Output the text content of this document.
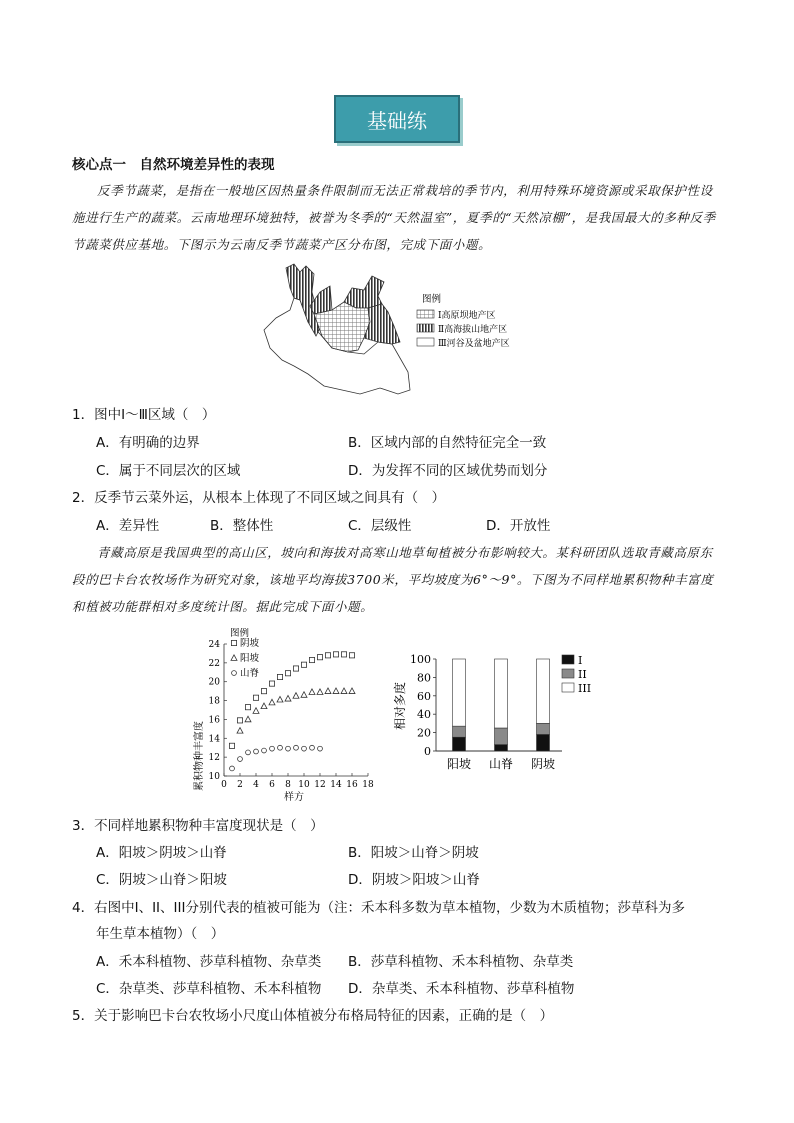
基础练
核心点一　自然环境差异性的表现
反季节蔬菜，是指在一般地区因热量条件限制而无法正常栽培的季节内，利用特殊环境资源或采取保护性设施进行生产的蔬菜。云南地理环境独特，被誉为冬季的“天然温室”，夏季的“天然凉棚”，是我国最大的多种反季节蔬菜供应基地。下图示为云南反季节蔬菜产区分布图，完成下面小题。
图例
Ⅰ高原坝地产区
Ⅱ高海拔山地产区
Ⅲ河谷及盆地产区
1．图中Ⅰ～Ⅲ区域（　）
A．有明确的边界	B．区域内部的自然特征完全一致
C．属于不同层次的区域	D．为发挥不同的区域优势而划分
2．反季节云菜外运，从根本上体现了不同区域之间具有（　）
A．差异性	B．整体性	C．层级性	D．开放性
青藏高原是我国典型的高山区，坡向和海拔对高寒山地草甸植被分布影响较大。某科研团队选取青藏高原东段的巴卡台农牧场作为研究对象，该地平均海拔3700米，平均坡度为6°～9°。下图为不同样地累积物种丰富度和植被功能群相对多度统计图。据此完成下面小题。
0 2 4 6 8 10 12 14 16 18
10
12
14
16
18
20
22
24
累积物种丰富度
样方
图例
阴坡
阳坡
山脊
0
20
40
60
80
100
阳坡 山脊 阴坡
相对多度
I
II
III
3．不同样地累积物种丰富度现状是（　）
A．阳坡＞阴坡＞山脊	B．阳坡＞山脊＞阴坡
C．阴坡＞山脊＞阳坡	D．阴坡＞阳坡＞山脊
4．右图中I、II、III分别代表的植被可能为（注：禾本科多数为草本植物，少数为木质植物；莎草科为多
年生草本植物）（　）
A．禾本科植物、莎草科植物、杂草类 B．莎草科植物、禾本科植物、杂草类
C．杂草类、莎草科植物、禾本科植物 D．杂草类、禾本科植物、莎草科植物
5．关于影响巴卡台农牧场小尺度山体植被分布格局特征的因素，正确的是（　）
